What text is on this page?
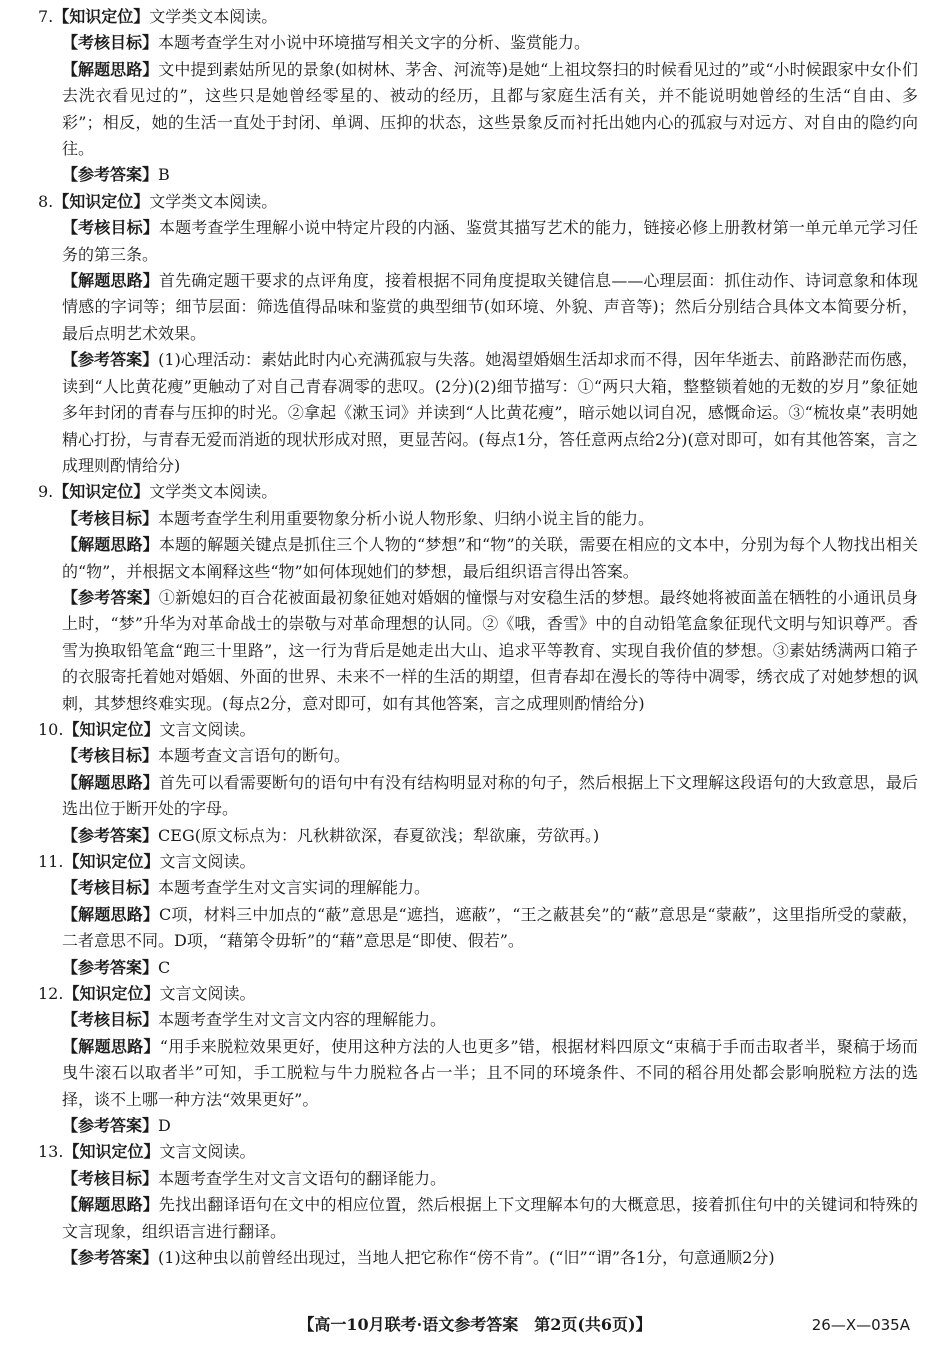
7.【知识定位】文学类文本阅读。

【考核目标】本题考查学生对小说中环境描写相关文字的分析、鉴赏能力。

【解题思路】文中提到素姑所见的景象(如树林、茅舍、河流等)是她“上祖坟祭扫的时候看见过的”或“小时候跟家中女仆们去洗衣看见过的”，这些只是她曾经零星的、被动的经历，且都与家庭生活有关，并不能说明她曾经的生活“自由、多彩”；相反，她的生活一直处于封闭、单调、压抑的状态，这些景象反而衬托出她内心的孤寂与对远方、对自由的隐约向往。

【参考答案】B

8.【知识定位】文学类文本阅读。

【考核目标】本题考查学生理解小说中特定片段的内涵、鉴赏其描写艺术的能力，链接必修上册教材第一单元单元学习任务的第三条。

【解题思路】首先确定题干要求的点评角度，接着根据不同角度提取关键信息——心理层面：抓住动作、诗词意象和体现情感的字词等；细节层面：筛选值得品味和鉴赏的典型细节(如环境、外貌、声音等)；然后分别结合具体文本简要分析，最后点明艺术效果。

【参考答案】(1)心理活动：素姑此时内心充满孤寂与失落。她渴望婚姻生活却求而不得，因年华逝去、前路渺茫而伤感，读到“人比黄花瘦”更触动了对自己青春凋零的悲叹。(2分)(2)细节描写：①“两只大箱，整整锁着她的无数的岁月”象征她多年封闭的青春与压抑的时光。②拿起《漱玉词》并读到“人比黄花瘦”，暗示她以词自况，感慨命运。③“梳妆桌”表明她精心打扮，与青春无爱而消逝的现状形成对照，更显苦闷。(每点1分，答任意两点给2分)(意对即可，如有其他答案，言之成理则酌情给分)

9.【知识定位】文学类文本阅读。

【考核目标】本题考查学生利用重要物象分析小说人物形象、归纳小说主旨的能力。

【解题思路】本题的解题关键点是抓住三个人物的“梦想”和“物”的关联，需要在相应的文本中，分别为每个人物找出相关的“物”，并根据文本阐释这些“物”如何体现她们的梦想，最后组织语言得出答案。

【参考答案】①新媳妇的百合花被面最初象征她对婚姻的憧憬与对安稳生活的梦想。最终她将被面盖在牺牲的小通讯员身上时，“梦”升华为对革命战士的崇敬与对革命理想的认同。②《哦，香雪》中的自动铅笔盒象征现代文明与知识尊严。香雪为换取铅笔盒“跑三十里路”，这一行为背后是她走出大山、追求平等教育、实现自我价值的梦想。③素姑绣满两口箱子的衣服寄托着她对婚姻、外面的世界、未来不一样的生活的期望，但青春却在漫长的等待中凋零，绣衣成了对她梦想的讽刺，其梦想终难实现。(每点2分，意对即可，如有其他答案，言之成理则酌情给分)

10.【知识定位】文言文阅读。

【考核目标】本题考查文言语句的断句。

【解题思路】首先可以看需要断句的语句中有没有结构明显对称的句子，然后根据上下文理解这段语句的大致意思，最后选出位于断开处的字母。

【参考答案】CEG(原文标点为：凡秋耕欲深，春夏欲浅；犁欲廉，劳欲再。)

11.【知识定位】文言文阅读。

【考核目标】本题考查学生对文言实词的理解能力。

【解题思路】C项，材料三中加点的“蔽”意思是“遮挡，遮蔽”，“王之蔽甚矣”的“蔽”意思是“蒙蔽”，这里指所受的蒙蔽，二者意思不同。D项，“藉第令毋斩”的“藉”意思是“即使、假若”。

【参考答案】C

12.【知识定位】文言文阅读。

【考核目标】本题考查学生对文言文内容的理解能力。

【解题思路】“用手来脱粒效果更好，使用这种方法的人也更多”错，根据材料四原文“束稿于手而击取者半，聚稿于场而曳牛滚石以取者半”可知，手工脱粒与牛力脱粒各占一半；且不同的环境条件、不同的稻谷用处都会影响脱粒方法的选择，谈不上哪一种方法“效果更好”。

【参考答案】D

13.【知识定位】文言文阅读。

【考核目标】本题考查学生对文言文语句的翻译能力。

【解题思路】先找出翻译语句在文中的相应位置，然后根据上下文理解本句的大概意思，接着抓住句中的关键词和特殊的文言现象，组织语言进行翻译。

【参考答案】(1)这种虫以前曾经出现过，当地人把它称作“傍不肯”。(“旧”“谓”各1分，句意通顺2分)

【高一10月联考·语文参考答案　第2页(共6页)】	26—X—035A
